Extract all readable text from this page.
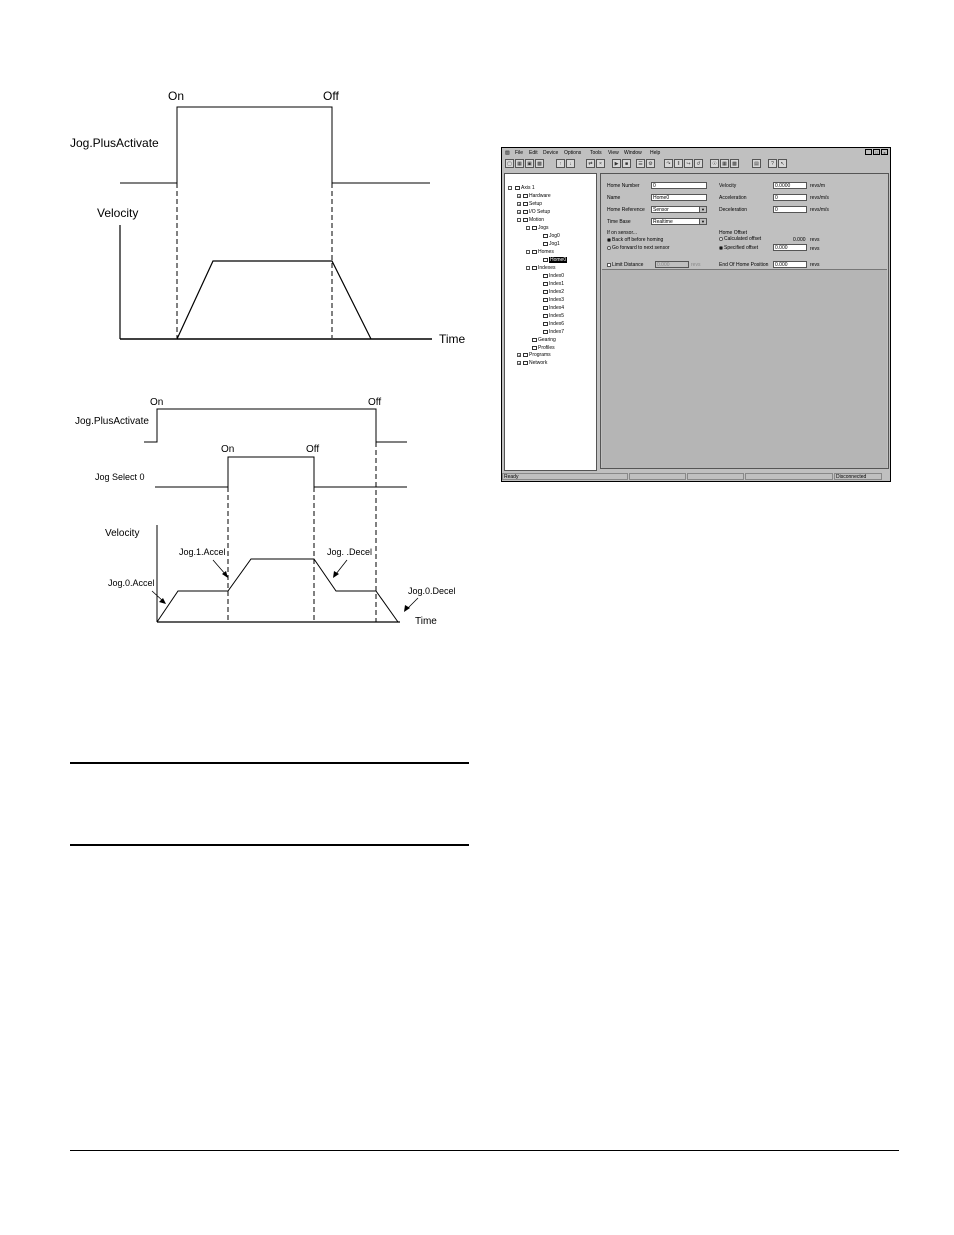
On	Off
Jog.PlusActivate
Velocity
Time
On	Off
Jog.PlusActivate
On	Off
Jog Select 0
Velocity
Jog.1.Accel	Jog. .Decel
Jog.0.Accel
Jog.0.Decel
Time
▧ File Edit Device Options Tools View Window Help	_	□	x
▢	▦	▣	▩	↑	↓	⇄	×	▶	■	☰	⚙	↷	‖	↪	↺	☉	▦	▩	▤	?	↖
-	Axis 1
+	Hardware
+	Setup
+	I/O Setup
-	Motion
-	Jogs
Jog0
Jog1
-	Homes
Home0
-	Indexes
Index0
Index1
Index2
Index3
Index4
Index5
Index6
Index7
Gearing
Profiles
+	Programs
+	Network
Home Number	0
Name	Home0
Home Reference	Sensor	▼
Time Base	Realtime	▼
If on sensor...
Back off before homing
Go forward to next sensor
Limit Distance	0.000	revs
Velocity	0.0000	revs/m
Acceleration	0	revs/m/s
Deceleration	0	revs/m/s
Home Offset
Calculated offset	0.000 revs
Specified offset	0.000	revs
End Of Home Position	0.000	revs
Ready	Disconnected
